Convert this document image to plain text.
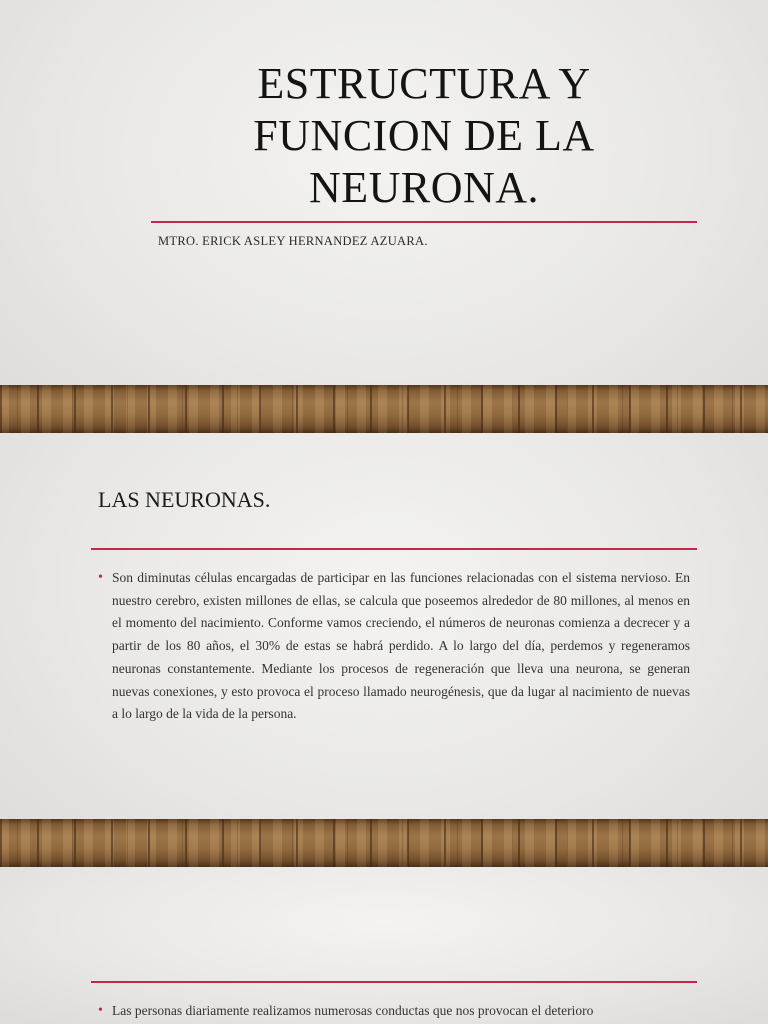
ESTRUCTURA Y
FUNCION DE LA
NEURONA.

MTRO. ERICK ASLEY HERNANDEZ AZUARA.

LAS NEURONAS.
• Son diminutas células encargadas de participar en las funciones relacionadas con el sistema nervioso. En nuestro cerebro, existen millones de ellas, se calcula que poseemos alrededor de 80 millones, al menos en el momento del nacimiento. Conforme vamos creciendo, el números de neuronas comienza a decrecer y a partir de los 80 años, el 30% de estas se habrá perdido. A lo largo del día, perdemos y regeneramos neuronas constantemente. Mediante los procesos de regeneración que lleva una neurona, se generan nuevas conexiones, y esto provoca el proceso llamado neurogénesis, que da lugar al nacimiento de nuevas a lo largo de la vida de la persona.
• Las personas diariamente realizamos numerosas conductas que nos provocan el deterioro
